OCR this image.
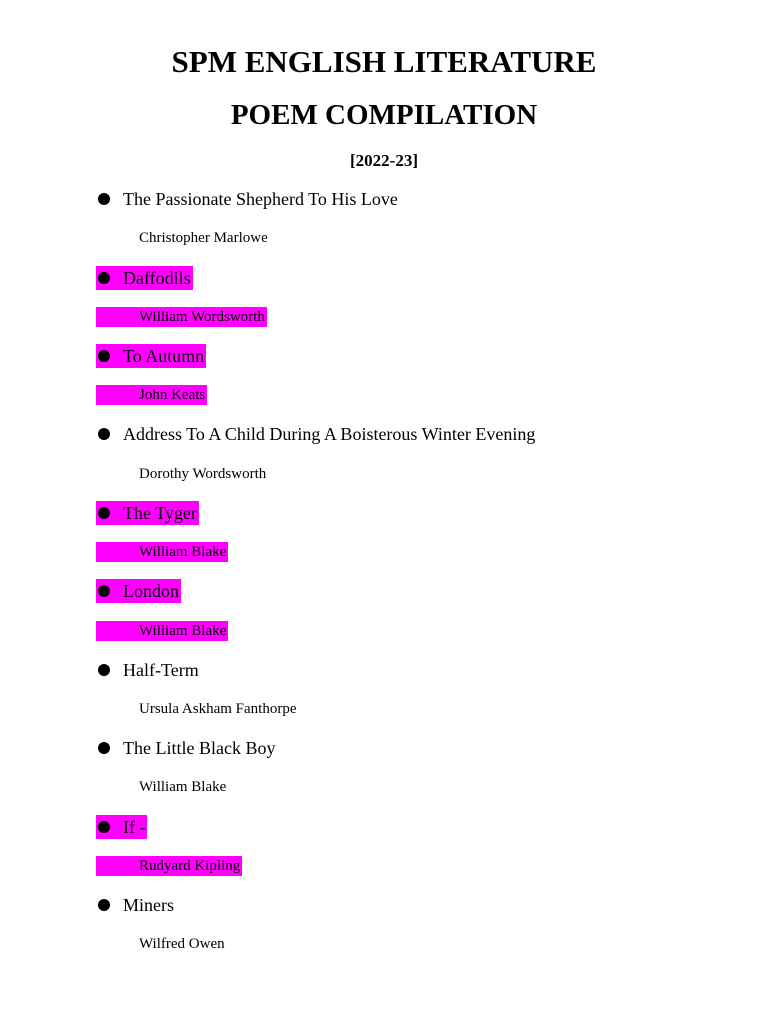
SPM ENGLISH LITERATURE
POEM COMPILATION
[2022-23]
The Passionate Shepherd To His Love
Christopher Marlowe
Daffodils
William Wordsworth
To Autumn
John Keats
Address To A Child During A Boisterous Winter Evening
Dorothy Wordsworth
The Tyger
William Blake
London
William Blake
Half-Term
Ursula Askham Fanthorpe
The Little Black Boy
William Blake
If -
Rudyard Kipling
Miners
Wilfred Owen
